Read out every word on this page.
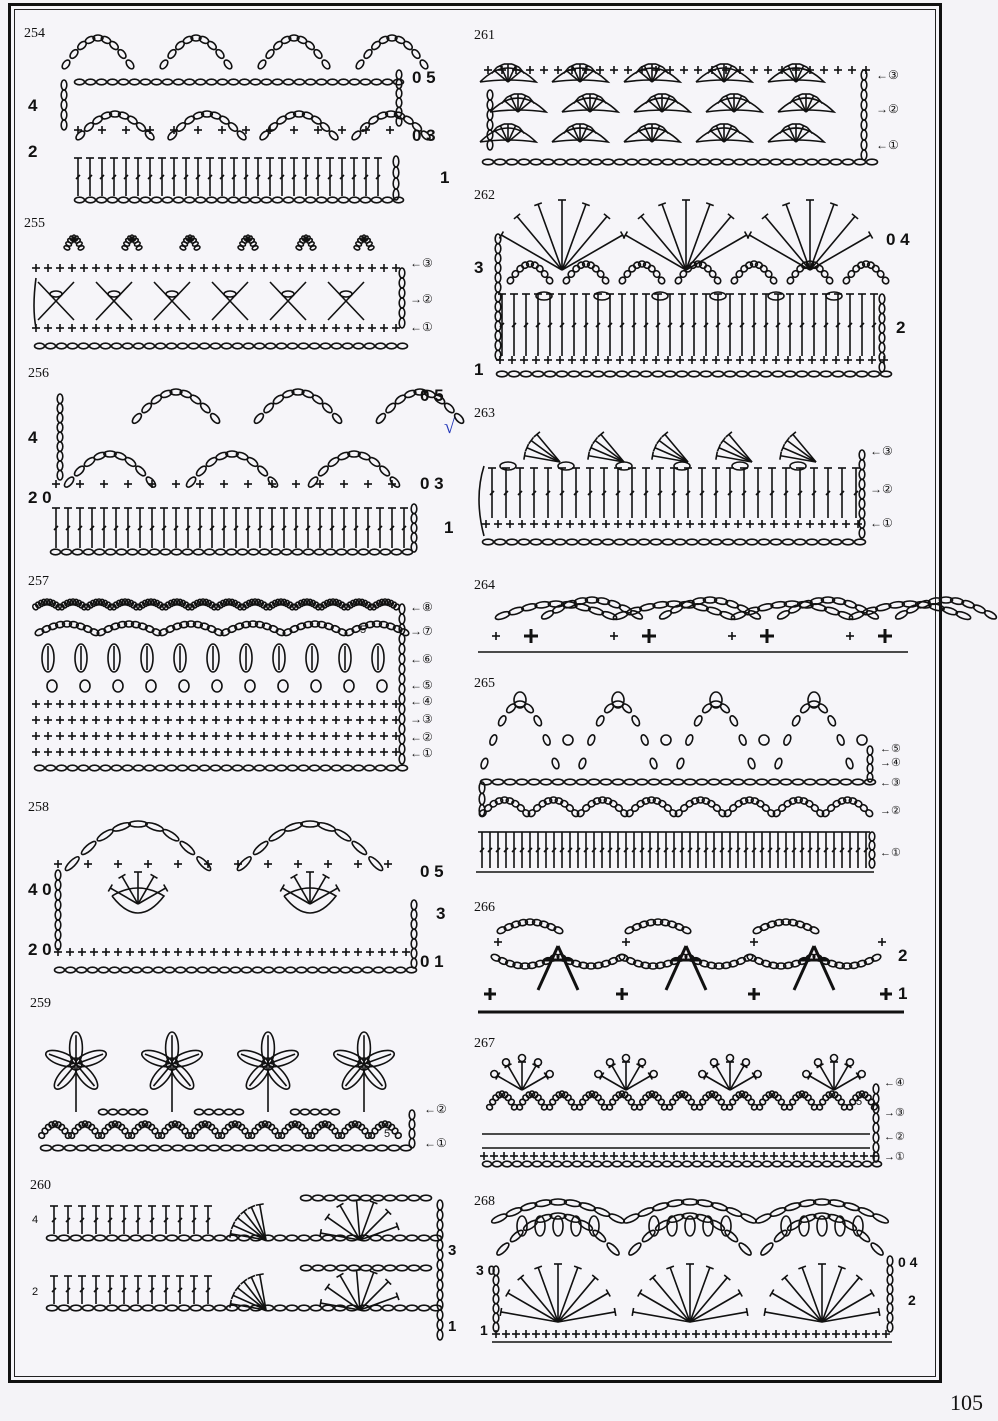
254
255
256
257
258
259
260
261
262
263
264
265
266
267
268
4
2
0 5
0 3
1
←③
→②
←①
4
2 0
0 5
0 3
1
√
←⑧
→⑦
←⑥
←⑤
←④
→③
←②
←①
5
4 0
2 0
0 5
3
0 1
←②
←①
5
4
2
3
1
←③
→②
←①
3
1
0 4
2
←③
→②
←①
←⑤
→④
←③
→②
←①
2
1
←④
→③
←②
→①
5
3 0
1
0 4
2
105
